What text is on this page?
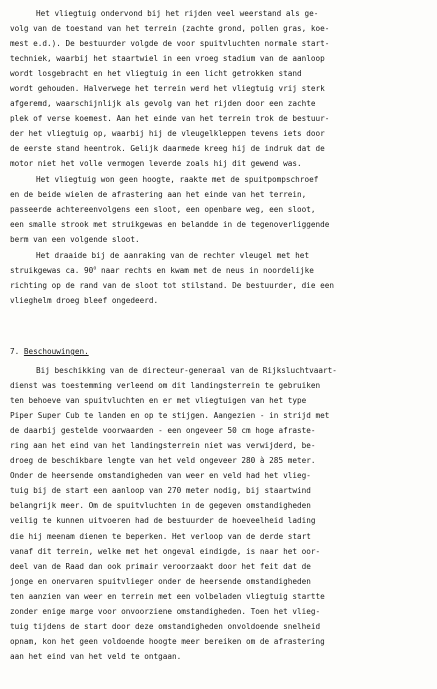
Het vliegtuig ondervond bij het rijden veel weerstand als ge-
volg van de toestand van het terrein (zachte grond, pollen gras, koe-
mest e.d.). De bestuurder volgde de voor spuitvluchten normale start-
techniek, waarbij het staartwiel in een vroeg stadium van de aanloop
wordt losgebracht en het vliegtuig in een licht getrokken stand
wordt gehouden. Halverwege het terrein werd het vliegtuig vrij sterk
afgeremd, waarschijnlijk als gevolg van het rijden door een zachte
plek of verse koemest. Aan het einde van het terrein trok de bestuur-
der het vliegtuig op, waarbij hij de vleugelkleppen tevens iets door
de eerste stand heentrok. Gelijk daarmede kreeg hij de indruk dat de
motor niet het volle vermogen leverde zoals hij dit gewend was.
Het vliegtuig won geen hoogte, raakte met de spuitpompschroef
en de beide wielen de afrastering aan het einde van het terrein,
passeerde achtereenvolgens een sloot, een openbare weg, een sloot,
een smalle strook met struikgewas en belandde in de tegenoverliggende
berm van een volgende sloot.
Het draaide bij de aanraking van de rechter vleugel met het
struikgewas ca. 90$^o$ naar rechts en kwam met de neus in noordelijke
richting op de rand van de sloot tot stilstand. De bestuurder, die een
vlieghelm droeg bleef ongedeerd.
7. Beschouwingen.
Bij beschikking van de directeur-generaal van de Rijksluchtvaart-
dienst was toestemming verleend om dit landingsterrein te gebruiken
ten behoeve van spuitvluchten en er met vliegtuigen van het type
Piper Super Cub te landen en op te stijgen. Aangezien - in strijd met
de daarbij gestelde voorwaarden - een ongeveer 50 cm hoge afraste-
ring aan het eind van het landingsterrein niet was verwijderd, be-
droeg de beschikbare lengte van het veld ongeveer 280 à 285 meter.
Onder de heersende omstandigheden van weer en veld had het vlieg-
tuig bij de start een aanloop van 270 meter nodig, bij staartwind
belangrijk meer. Om de spuitvluchten in de gegeven omstandigheden
veilig te kunnen uitvoeren had de bestuurder de hoeveelheid lading
die hij meenam dienen te beperken. Het verloop van de derde start
vanaf dit terrein, welke met het ongeval eindigde, is naar het oor-
deel van de Raad dan ook primair veroorzaakt door het feit dat de
jonge en onervaren spuitvlieger onder de heersende omstandigheden
ten aanzien van weer en terrein met een volbeladen vliegtuig startte
zonder enige marge voor onvoorziene omstandigheden. Toen het vlieg-
tuig tijdens de start door deze omstandigheden onvoldoende snelheid
opnam, kon het geen voldoende hoogte meer bereiken om de afrastering
aan het eind van het veld te ontgaan.
